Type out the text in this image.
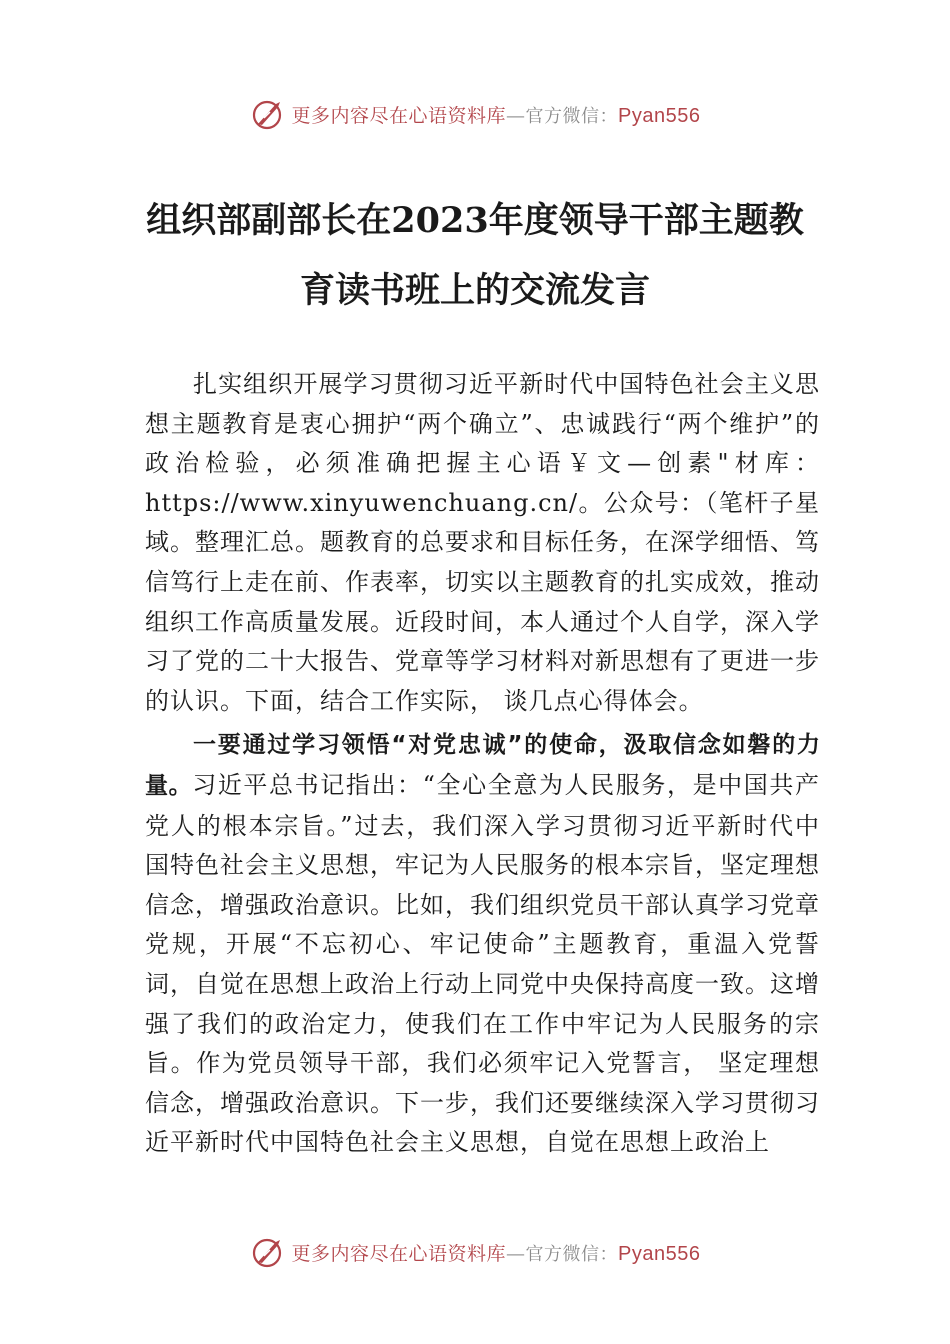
更多内容尽在心语资料库—官方微信：Pyan556
组织部副部长在2023年度领导干部主题教
育读书班上的交流发言

扎实组织开展学习贯彻习近平新时代中国特色社会主义思想主题教育是衷心拥护“两个确立”、忠诚践行“两个维护”的政治检验，必须准确把握主心语￥文—创素"材库：https://www.xinyuwenchuang.cn/。公众号：（笔杆子星域。整理汇总。题教育的总要求和目标任务，在深学细悟、笃信笃行上走在前、作表率，切实以主题教育的扎实成效，推动组织工作高质量发展。近段时间，本人通过个人自学，深入学习了党的二十大报告、党章等学习材料对新思想有了更进一步的认识。下面，结合工作实际， 谈几点心得体会。

一要通过学习领悟“对党忠诚”的使命，汲取信念如磐的力量。习近平总书记指出：“全心全意为人民服务，是中国共产党人的根本宗旨。”过去，我们深入学习贯彻习近平新时代中国特色社会主义思想，牢记为人民服务的根本宗旨，坚定理想信念，增强政治意识。比如，我们组织党员干部认真学习党章党规，开展“不忘初心、牢记使命”主题教育，重温入党誓词，自觉在思想上政治上行动上同党中央保持高度一致。这增强了我们的政治定力，使我们在工作中牢记为人民服务的宗旨。作为党员领导干部，我们必须牢记入党誓言， 坚定理想信念，增强政治意识。下一步，我们还要继续深入学习贯彻习近平新时代中国特色社会主义思想，自觉在思想上政治上

更多内容尽在心语资料库—官方微信：Pyan556
